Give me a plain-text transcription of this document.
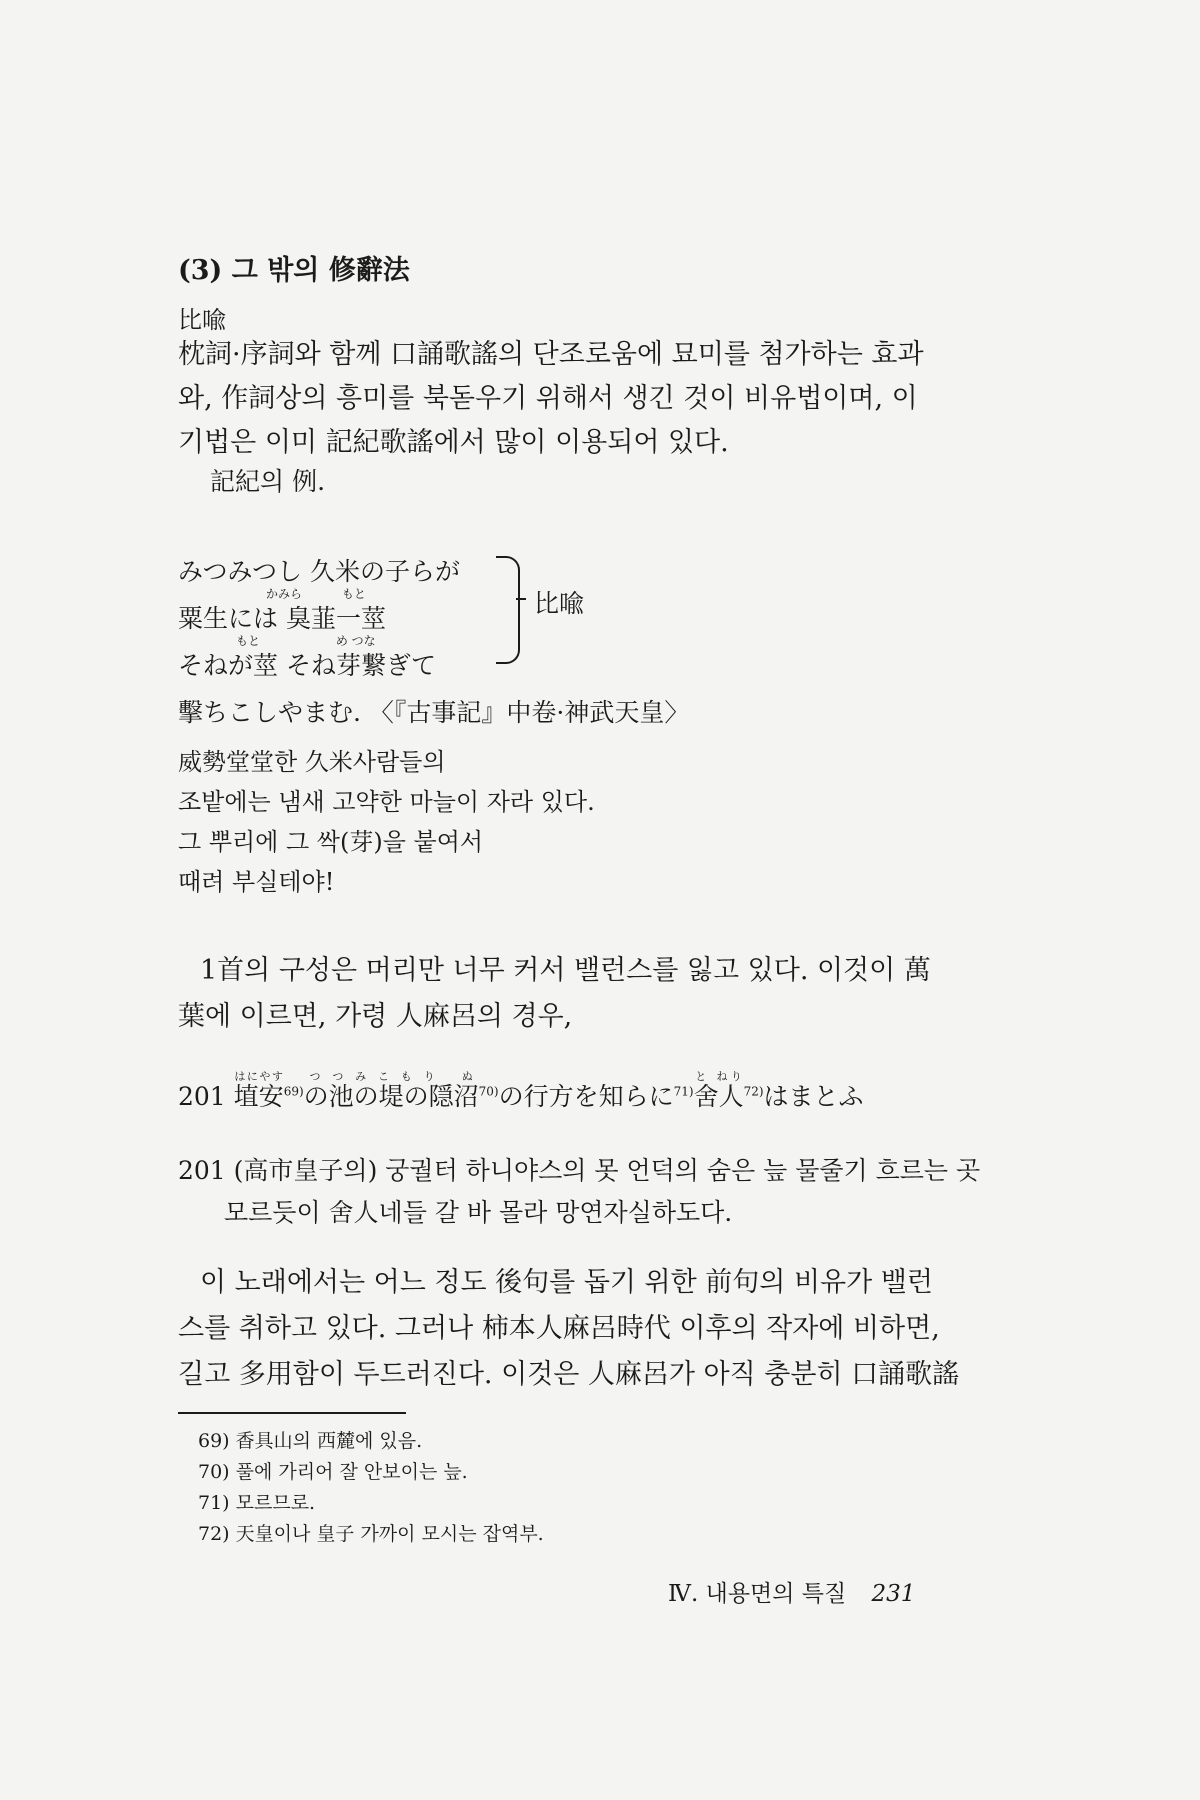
(3) 그 밖의 修辭法
比喩
枕詞·序詞와 함께 口誦歌謠의 단조로움에 묘미를 첨가하는 효과
와, 作詞상의 흥미를 북돋우기 위해서 생긴 것이 비유법이며, 이
기법은 이미 記紀歌謠에서 많이 이용되어 있다.
記紀의 例.
みつみつし 久米の子らが
粟生には 臭韮一莖
そねが莖 そね芽繋ぎて
擊ちこしやまむ. 〈『古事記』中卷·神武天皇〉
かみら	もと
もと	め つな
比喩
威勢堂堂한 久米사람들의
조밭에는 냄새 고약한 마늘이 자라 있다.
그 뿌리에 그 싹(芽)을 붙여서
때려 부실테야!
1首의 구성은 머리만 너무 커서 밸런스를 잃고 있다. 이것이 萬
葉에 이르면, 가령 人麻呂의 경우,
201 埴安はにやす$^{69)}$の池の堤の隠沼つつみこもり ぬ$^{70)}$の行方を知らに$^{71)}$舍人と ねり$^{72)}$はまとふ
201 (高市皇子의) 궁궐터 하니야스의 못 언덕의 숨은 늪 물줄기 흐르는 곳
모르듯이 舍人네들 갈 바 몰라 망연자실하도다.
이 노래에서는 어느 정도 後句를 돕기 위한 前句의 비유가 밸런
스를 취하고 있다. 그러나 柿本人麻呂時代 이후의 작자에 비하면,
길고 多用함이 두드러진다. 이것은 人麻呂가 아직 충분히 口誦歌謠
69) 香具山의 西麓에 있음.
70) 풀에 가리어 잘 안보이는 늪.
71) 모르므로.
72) 天皇이나 皇子 가까이 모시는 잡역부.
Ⅳ. 내용면의 특질 231
